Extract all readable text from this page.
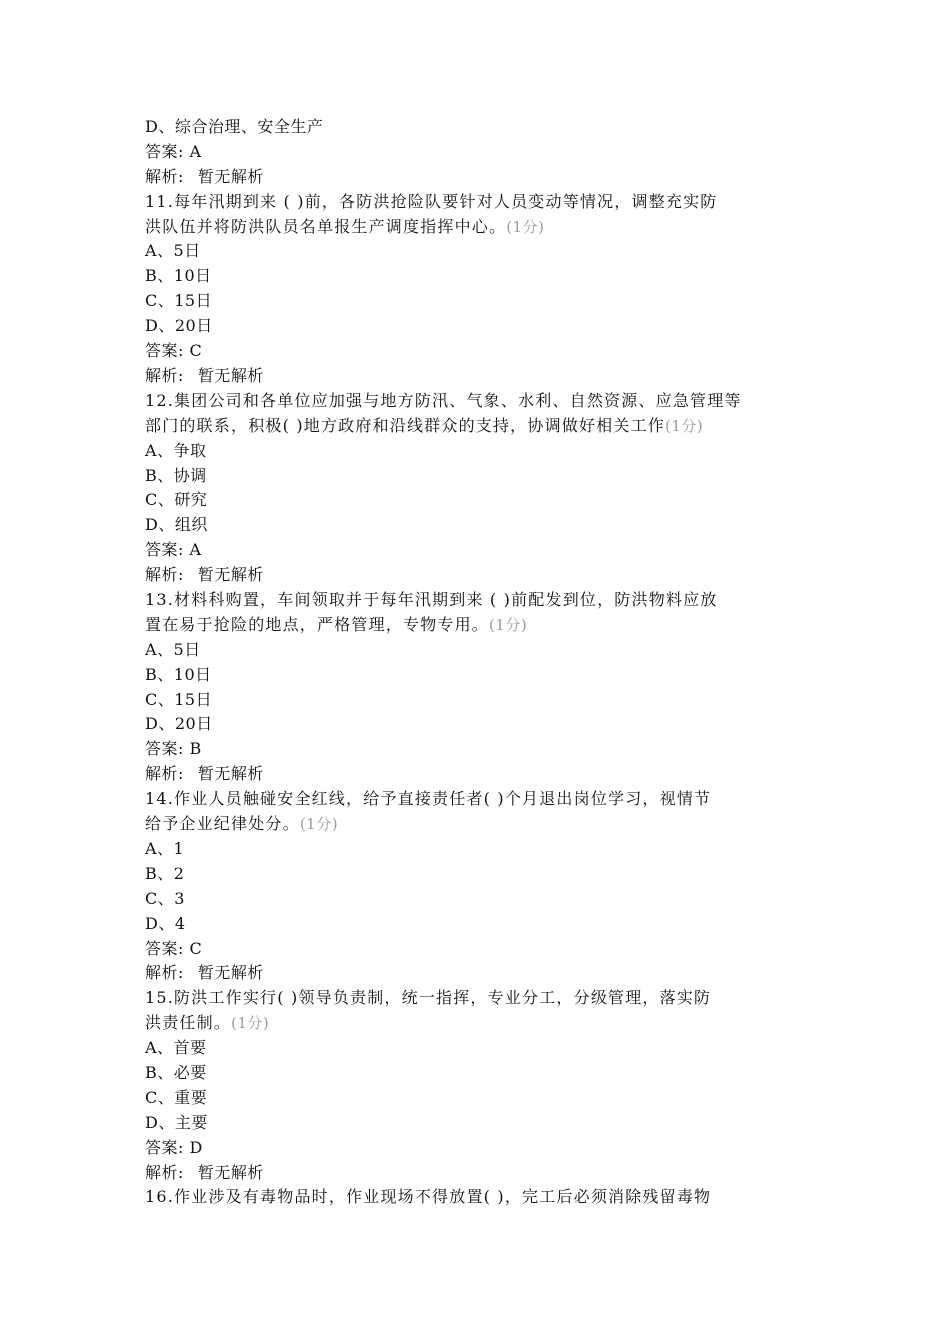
D、综合治理、安全生产
答案: A
解析: 暂无解析
11.每年汛期到来 ( )前，各防洪抢险队要针对人员变动等情况，调整充实防
洪队伍并将防洪队员名单报生产调度指挥中心。(1分)
A、5日
B、10日
C、15日
D、20日
答案: C
解析: 暂无解析
12.集团公司和各单位应加强与地方防汛、气象、水利、自然资源、应急管理等
部门的联系，积极( )地方政府和沿线群众的支持，协调做好相关工作(1分)
A、争取
B、协调
C、研究
D、组织
答案: A
解析: 暂无解析
13.材料科购置，车间领取并于每年汛期到来 ( )前配发到位，防洪物料应放
置在易于抢险的地点，严格管理，专物专用。(1分)
A、5日
B、10日
C、15日
D、20日
答案: B
解析: 暂无解析
14.作业人员触碰安全红线，给予直接责任者( )个月退出岗位学习，视情节
给予企业纪律处分。(1分)
A、1
B、2
C、3
D、4
答案: C
解析: 暂无解析
15.防洪工作实行( )领导负责制，统一指挥，专业分工，分级管理，落实防
洪责任制。(1分)
A、首要
B、必要
C、重要
D、主要
答案: D
解析: 暂无解析
16.作业涉及有毒物品时，作业现场不得放置( )，完工后必须消除残留毒物
